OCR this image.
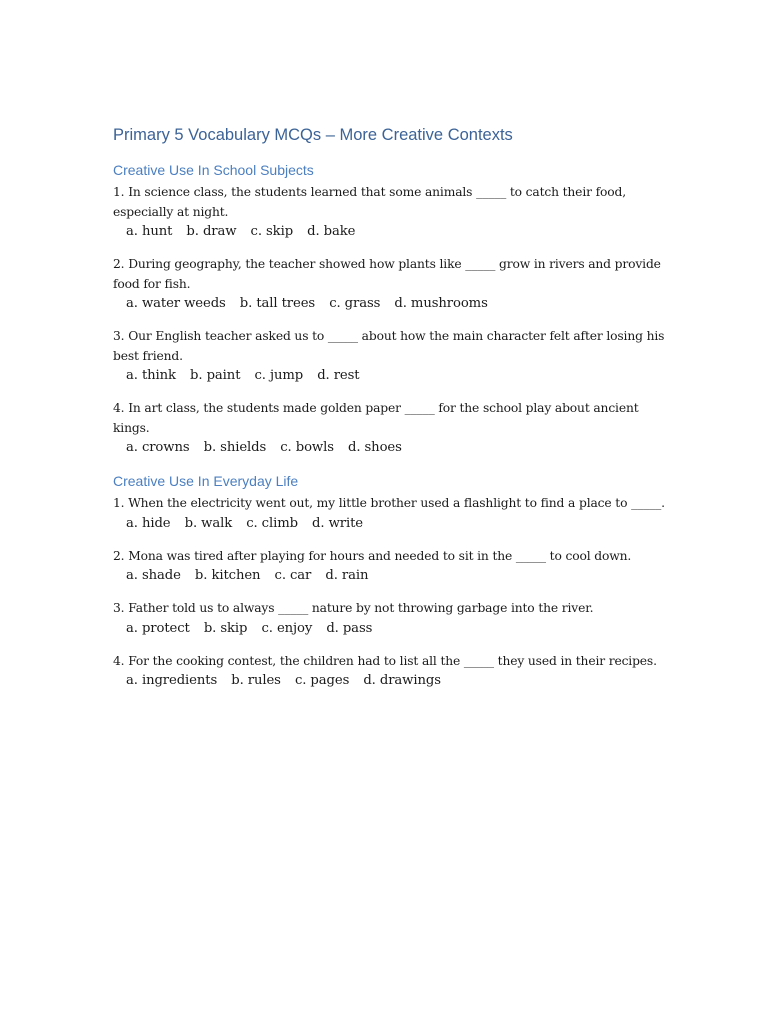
Primary 5 Vocabulary MCQs – More Creative Contexts
Creative Use In School Subjects
1. In science class, the students learned that some animals _____ to catch their food, especially at night.
a. hunt b. draw c. skip d. bake
2. During geography, the teacher showed how plants like _____ grow in rivers and provide food for fish.
a. water weeds b. tall trees c. grass d. mushrooms
3. Our English teacher asked us to _____ about how the main character felt after losing his best friend.
a. think b. paint c. jump d. rest
4. In art class, the students made golden paper _____ for the school play about ancient kings.
a. crowns b. shields c. bowls d. shoes
Creative Use In Everyday Life
1. When the electricity went out, my little brother used a flashlight to find a place to _____.
a. hide b. walk c. climb d. write
2. Mona was tired after playing for hours and needed to sit in the _____ to cool down.
a. shade b. kitchen c. car d. rain
3. Father told us to always _____ nature by not throwing garbage into the river.
a. protect b. skip c. enjoy d. pass
4. For the cooking contest, the children had to list all the _____ they used in their recipes.
a. ingredients b. rules c. pages d. drawings
